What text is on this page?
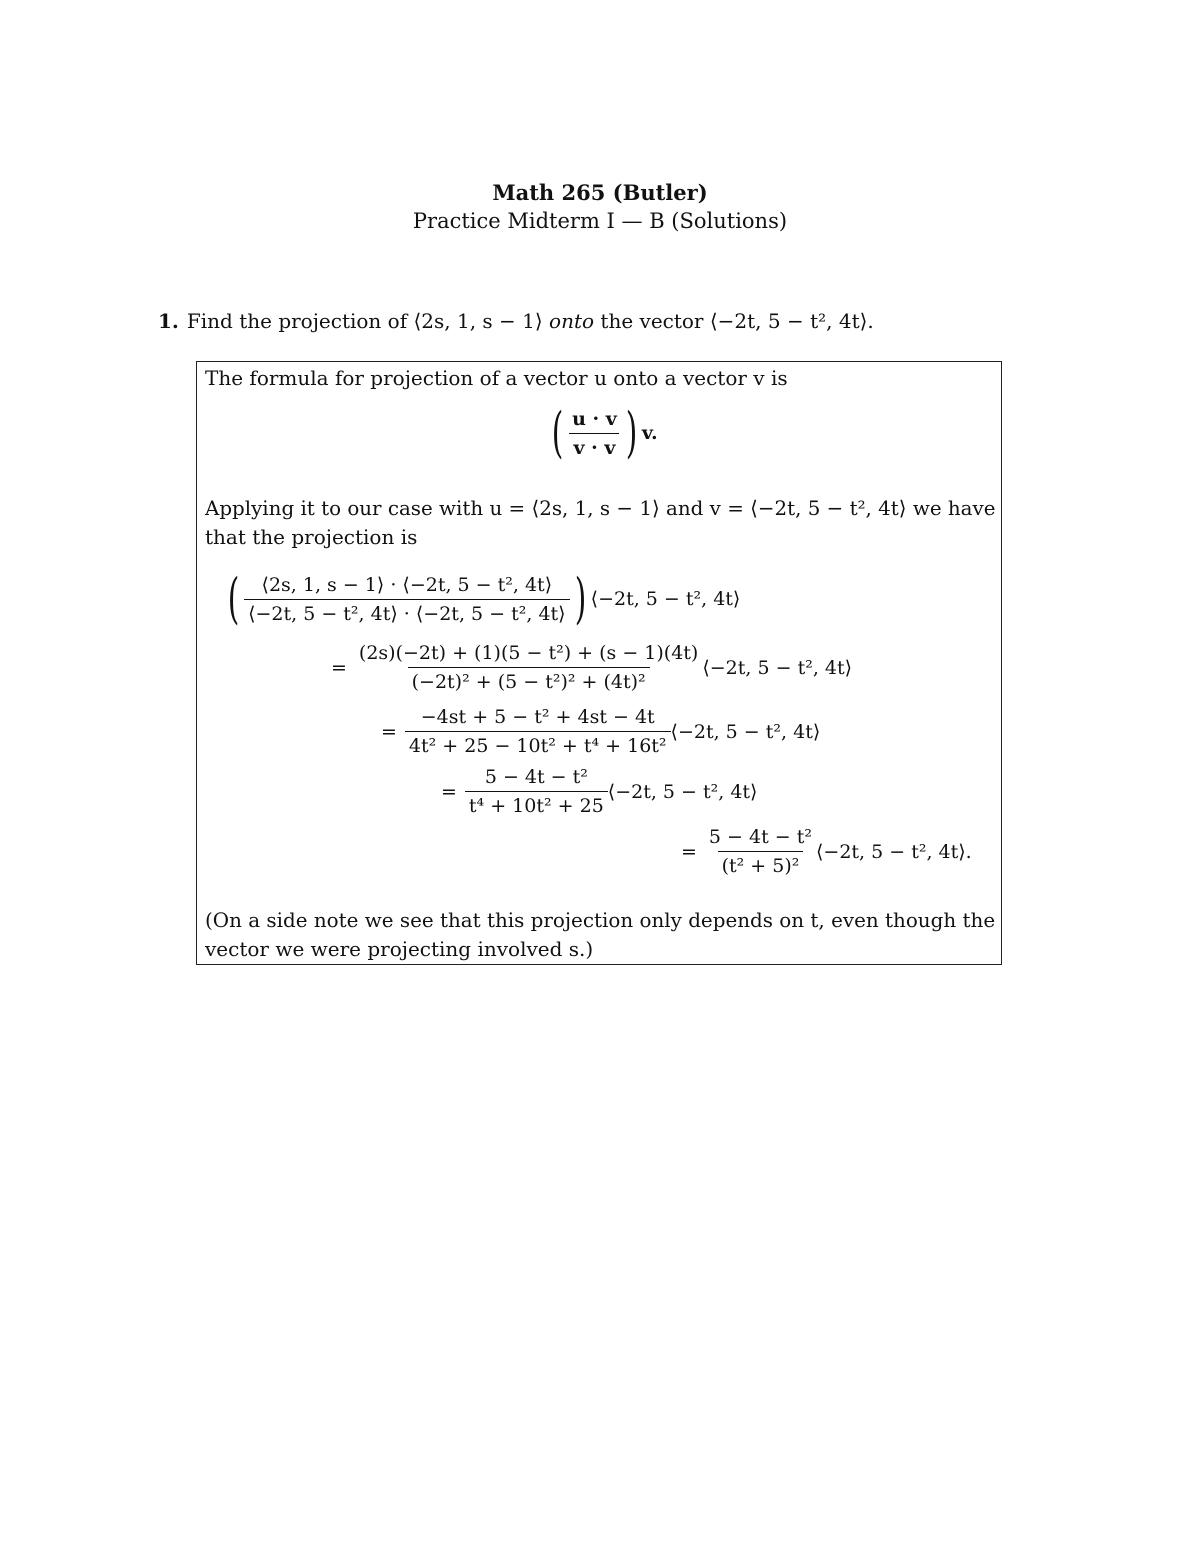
Math 265 (Butler)
Practice Midterm I — B (Solutions)
1. Find the projection of ⟨2s, 1, s − 1⟩ onto the vector ⟨−2t, 5 − t², 4t⟩.
The formula for projection of a vector u onto a vector v is
( $\frac{u \cdot v}{v \cdot v}$ ) v.
Applying it to our case with u = ⟨2s, 1, s − 1⟩ and v = ⟨−2t, 5 − t², 4t⟩ we have
that the projection is
( $\frac{\text{⟨2s, 1, s − 1⟩ · ⟨−2t, 5 − t², 4t⟩}}{\text{⟨−2t, 5 − t², 4t⟩ · ⟨−2t, 5 − t², 4t⟩}}$ ) ⟨−2t, 5 − t², 4t⟩
= $\frac{\text{(2s)(−2t) + (1)(5 − t²) + (s − 1)(4t)}}{\text{(−2t)² + (5 − t²)² + (4t)²}}$ ⟨−2t, 5 − t², 4t⟩
= $\frac{\text{−4st + 5 − t² + 4st − 4t}}{\text{4t² + 25 − 10t² + t⁴ + 16t²}}$ ⟨−2t, 5 − t², 4t⟩
= $\frac{\text{5 − 4t − t²}}{\text{t⁴ + 10t² + 25}}$ ⟨−2t, 5 − t², 4t⟩
= $\frac{\text{5 − 4t − t²}}{\text{(t² + 5)²}}$ ⟨−2t, 5 − t², 4t⟩.
(On a side note we see that this projection only depends on t, even though the
vector we were projecting involved s.)
